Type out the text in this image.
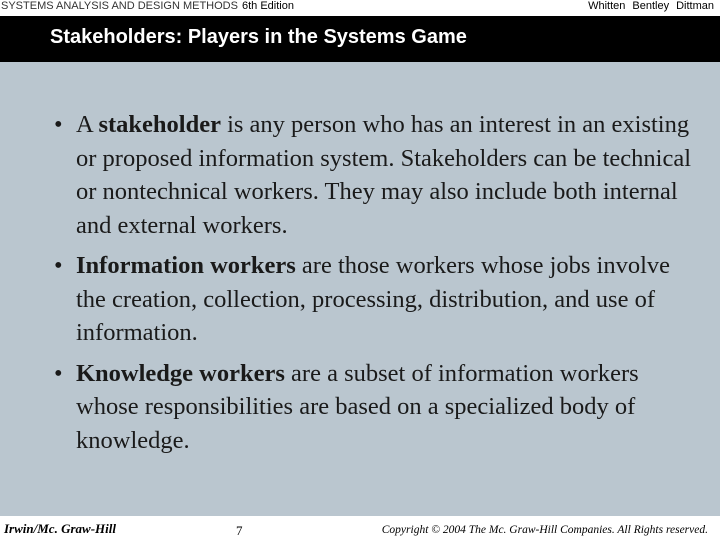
SYSTEMS ANALYSIS AND DESIGN METHODS 6th Edition	Whitten Bentley Dittman
Stakeholders: Players in the Systems Game
• A stakeholder is any person who has an interest in an existing or proposed information system. Stakeholders can be technical or nontechnical workers. They may also include both internal and external workers.
• Information workers are those workers whose jobs involve the creation, collection, processing, distribution, and use of information.
• Knowledge workers are a subset of information workers whose responsibilities are based on a specialized body of knowledge.
Irwin/Mc. Graw-Hill	7	Copyright © 2004 The Mc. Graw-Hill Companies. All Rights reserved.
